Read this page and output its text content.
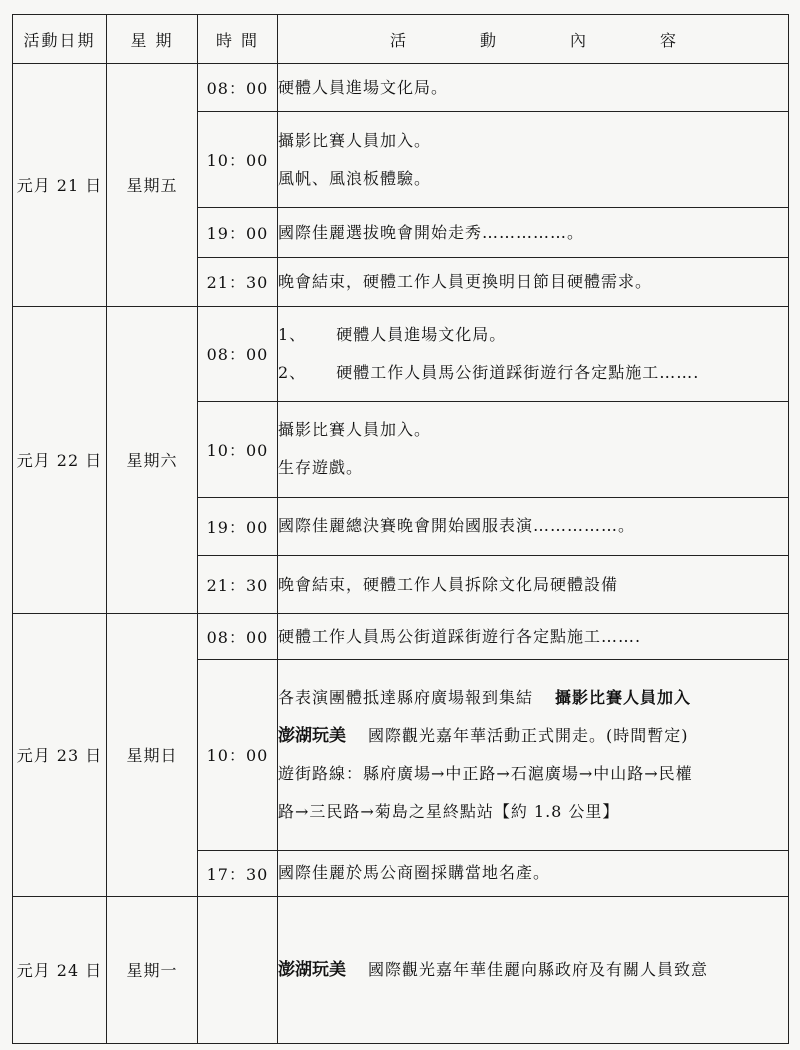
活動日期	星 期	時 間	活 動 內 容
元月 21 日	星期五	08：00	硬體人員進場文化局。

		10：00	攝影比賽人員加入。
風帆、風浪板體驗。

		19：00	國際佳麗選拔晚會開始走秀……………。

		21：30	晚會結束，硬體工作人員更換明日節目硬體需求。

元月 22 日	星期六	08：00	1、 硬體人員進場文化局。
2、 硬體工作人員馬公街道踩街遊行各定點施工…….

		10：00	攝影比賽人員加入。
生存遊戲。

		19：00	國際佳麗總決賽晚會開始國服表演……………。

		21：30	晚會結束，硬體工作人員拆除文化局硬體設備

元月 23 日	星期日	08：00	硬體工作人員馬公街道踩街遊行各定點施工…….

		10：00	各表演團體抵達縣府廣場報到集結 攝影比賽人員加入
澎湖玩美 國際觀光嘉年華活動正式開走。(時間暫定)
遊街路線：縣府廣場→中正路→石滬廣場→中山路→民權
路→三民路→菊島之星終點站【約 1.8 公里】

		17：30	國際佳麗於馬公商圈採購當地名產。

元月 24 日	星期一		澎湖玩美 國際觀光嘉年華佳麗向縣政府及有關人員致意
